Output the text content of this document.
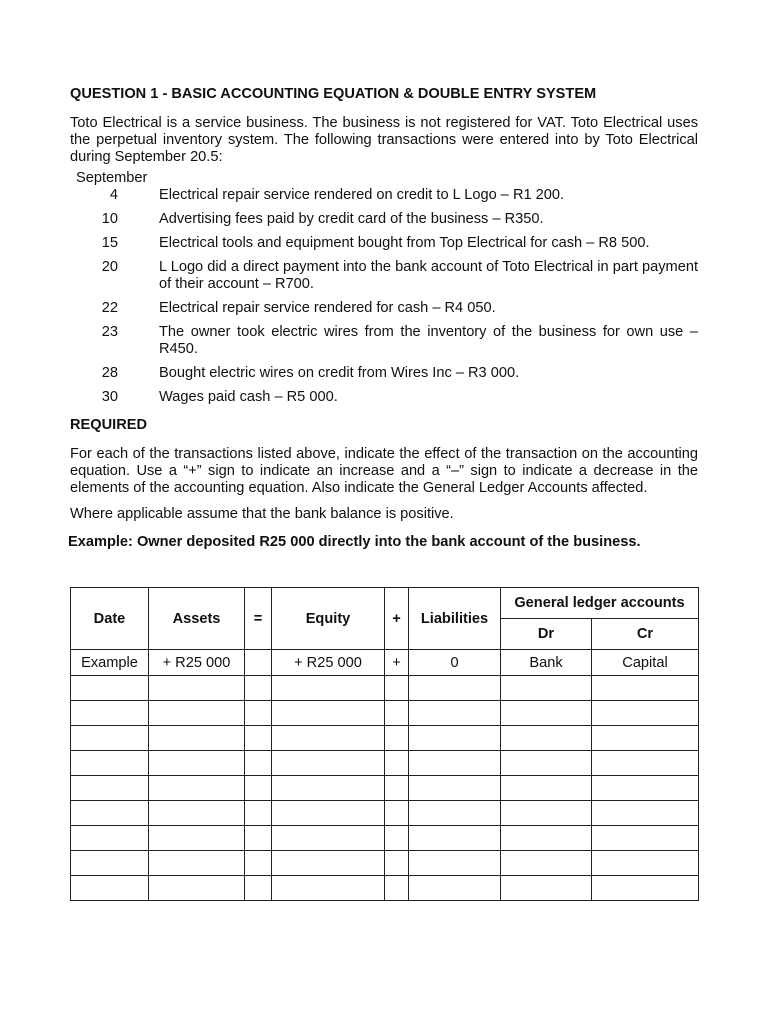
QUESTION 1 - BASIC ACCOUNTING EQUATION & DOUBLE ENTRY SYSTEM

Toto Electrical is a service business. The business is not registered for VAT. Toto Electrical uses the perpetual inventory system. The following transactions were entered into by Toto Electrical during September 20.5:

September
4	Electrical repair service rendered on credit to L Logo – R1 200.
10	Advertising fees paid by credit card of the business – R350.
15	Electrical tools and equipment bought from Top Electrical for cash – R8 500.
20	L Logo did a direct payment into the bank account of Toto Electrical in part payment of their account – R700.
22	Electrical repair service rendered for cash – R4 050.
23	The owner took electric wires from the inventory of the business for own use – R450.
28	Bought electric wires on credit from Wires Inc – R3 000.
30	Wages paid cash – R5 000.

REQUIRED

For each of the transactions listed above, indicate the effect of the transaction on the accounting equation. Use a “+” sign to indicate an increase and a “–” sign to indicate a decrease in the elements of the accounting equation. Also indicate the General Ledger Accounts affected.

Where applicable assume that the bank balance is positive.

Example: Owner deposited R25 000 directly into the bank account of the business.

Date	Assets	=	Equity	+	Liabilities	General ledger accounts	
						Dr	Cr
Example	+ R25 000		+ R25 000	+	0	Bank	Capital
